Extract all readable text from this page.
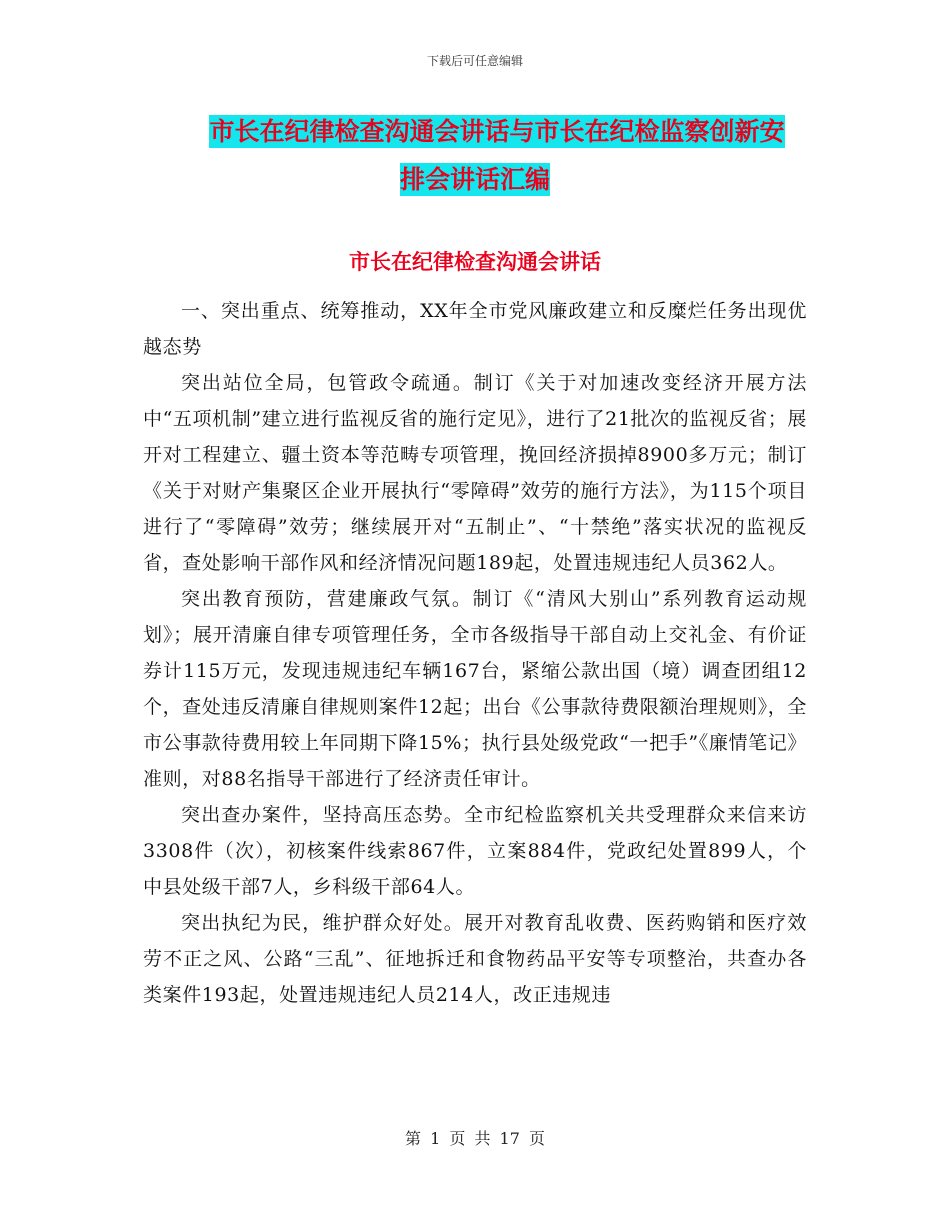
下载后可任意编辑
市长在纪律检查沟通会讲话与市长在纪检监察创新安
排会讲话汇编
市长在纪律检查沟通会讲话

一、突出重点、统筹推动，XX年全市党风廉政建立和反糜烂任务出现优越态势

突出站位全局，包管政令疏通。制订《关于对加速改变经济开展方法中“五项机制”建立进行监视反省的施行定见》，进行了21批次的监视反省；展开对工程建立、疆土资本等范畴专项管理，挽回经济损掉8900多万元；制订《关于对财产集聚区企业开展执行“零障碍”效劳的施行方法》，为115个项目进行了“零障碍”效劳；继续展开对“五制止”、“十禁绝”落实状况的监视反省，查处影响干部作风和经济情况问题189起，处置违规违纪人员362人。

突出教育预防，营建廉政气氛。制订《“清风大别山”系列教育运动规划》；展开清廉自律专项管理任务，全市各级指导干部自动上交礼金、有价证券计115万元，发现违规违纪车辆167台，紧缩公款出国（境）调查团组12个，查处违反清廉自律规则案件12起；出台《公事款待费限额治理规则》，全市公事款待费用较上年同期下降15%；执行县处级党政“一把手”《廉情笔记》准则，对88名指导干部进行了经济责任审计。

突出查办案件，坚持高压态势。全市纪检监察机关共受理群众来信来访3308件（次），初核案件线索867件，立案884件，党政纪处置899人，个中县处级干部7人，乡科级干部64人。

突出执纪为民，维护群众好处。展开对教育乱收费、医药购销和医疗效劳不正之风、公路“三乱”、征地拆迁和食物药品平安等专项整治，共查办各类案件193起，处置违规违纪人员214人，改正违规违

第 1 页 共 17 页
